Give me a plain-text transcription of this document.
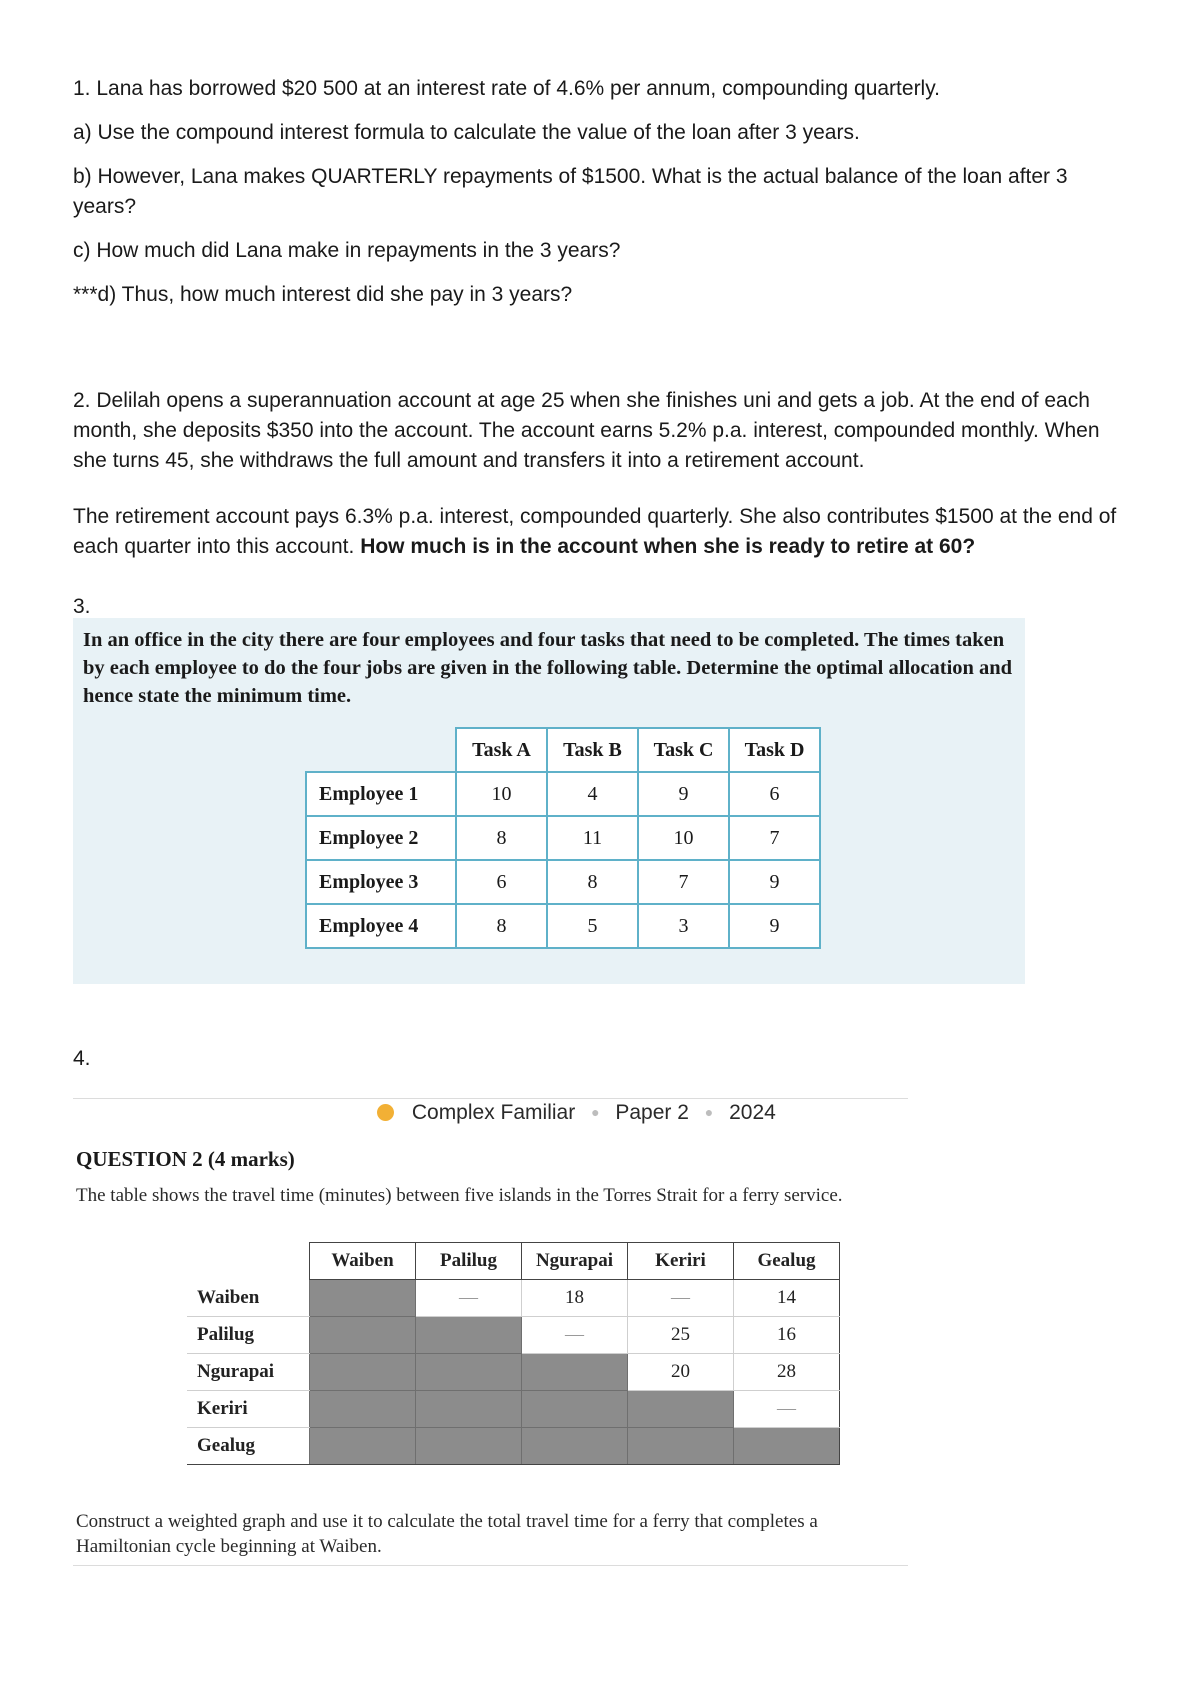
1. Lana has borrowed $20 500 at an interest rate of 4.6% per annum, compounding quarterly.

a) Use the compound interest formula to calculate the value of the loan after 3 years.

b) However, Lana makes QUARTERLY repayments of $1500. What is the actual balance of the loan after 3 years?

c) How much did Lana make in repayments in the 3 years?

***d) Thus, how much interest did she pay in 3 years?

2. Delilah opens a superannuation account at age 25 when she finishes uni and gets a job. At the end of each month, she deposits $350 into the account. The account earns 5.2% p.a. interest, compounded monthly. When she turns 45, she withdraws the full amount and transfers it into a retirement account.

The retirement account pays 6.3% p.a. interest, compounded quarterly. She also contributes $1500 at the end of each quarter into this account. How much is in the account when she is ready to retire at 60?

3.

In an office in the city there are four employees and four tasks that need to be completed. The times taken by each employee to do the four jobs are given in the following table. Determine the optimal allocation and hence state the minimum time.

	Task A	Task B	Task C	Task D
Employee 1	10	4	9	6
Employee 2	8	11	10	7
Employee 3	6	8	7	9
Employee 4	8	5	3	9

4.

Complex Familiar ● Paper 2 ● 2024
QUESTION 2 (4 marks)
The table shows the travel time (minutes) between five islands in the Torres Strait for a ferry service.
	Waiben	Palilug	Ngurapai	Keriri	Gealug
Waiben		—	18	—	14
Palilug			—	25	16
Ngurapai				20	28
Keriri					—
Gealug					
Construct a weighted graph and use it to calculate the total travel time for a ferry that completes a Hamiltonian cycle beginning at Waiben.
